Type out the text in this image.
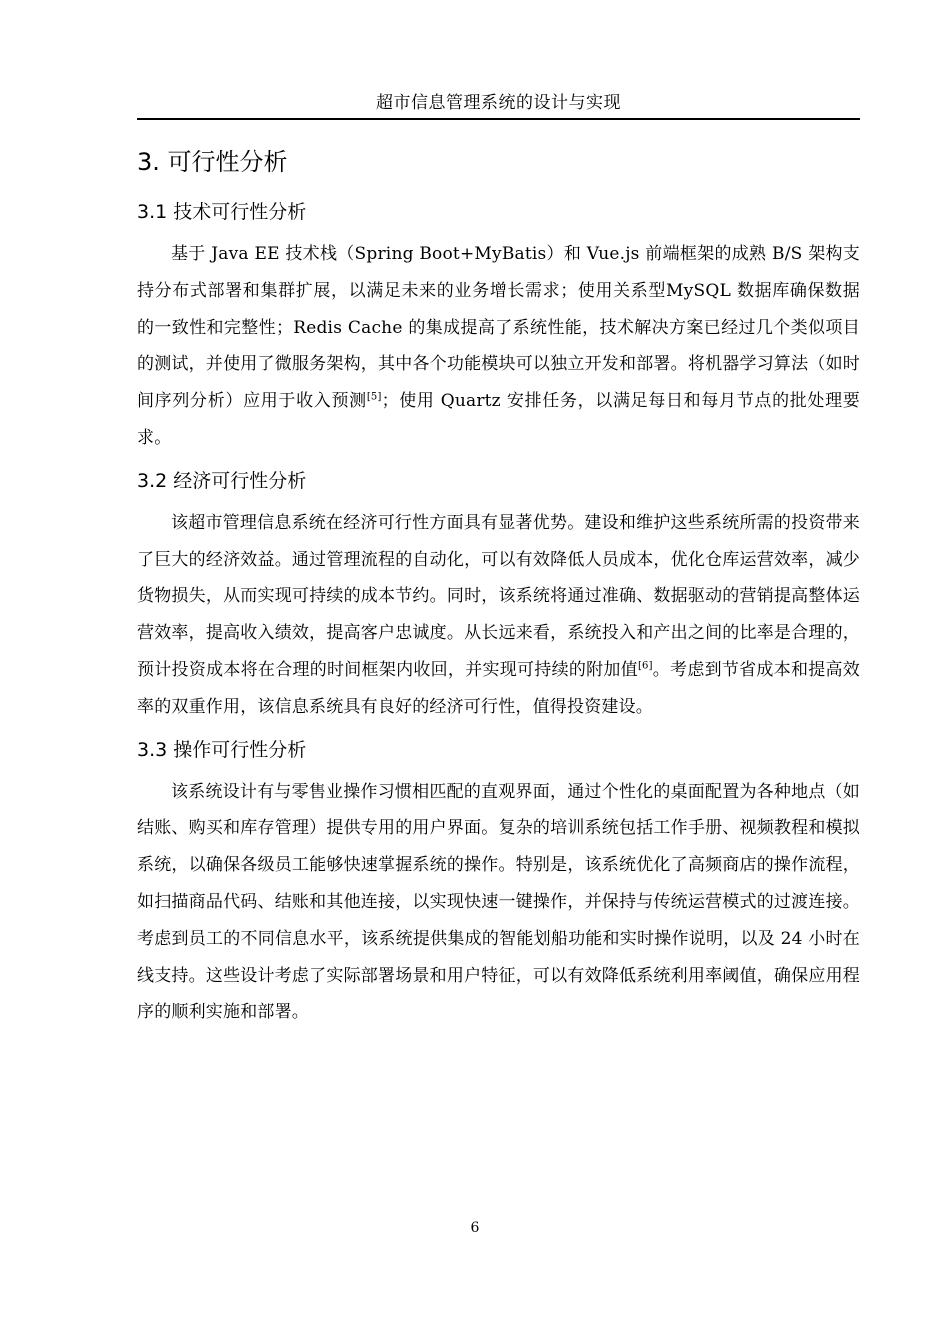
超市信息管理系统的设计与实现
3. 可行性分析
3.1 技术可行性分析

基于 Java EE 技术栈（Spring Boot+MyBatis）和 Vue.js 前端框架的成熟 B/S 架构支持分布式部署和集群扩展，以满足未来的业务增长需求；使用关系型MySQL 数据库确保数据的一致性和完整性；Redis Cache 的集成提高了系统性能，技术解决方案已经过几个类似项目的测试，并使用了微服务架构，其中各个功能模块可以独立开发和部署。将机器学习算法（如时间序列分析）应用于收入预测[5]；使用 Quartz 安排任务，以满足每日和每月节点的批处理要求。

3.2 经济可行性分析

该超市管理信息系统在经济可行性方面具有显著优势。建设和维护这些系统所需的投资带来了巨大的经济效益。通过管理流程的自动化，可以有效降低人员成本，优化仓库运营效率，减少货物损失，从而实现可持续的成本节约。同时，该系统将通过准确、数据驱动的营销提高整体运营效率，提高收入绩效，提高客户忠诚度。从长远来看，系统投入和产出之间的比率是合理的，预计投资成本将在合理的时间框架内收回，并实现可持续的附加值[6]。考虑到节省成本和提高效率的双重作用，该信息系统具有良好的经济可行性，值得投资建设。

3.3 操作可行性分析

该系统设计有与零售业操作习惯相匹配的直观界面，通过个性化的桌面配置为各种地点（如结账、购买和库存管理）提供专用的用户界面。复杂的培训系统包括工作手册、视频教程和模拟系统，以确保各级员工能够快速掌握系统的操作。特别是，该系统优化了高频商店的操作流程，如扫描商品代码、结账和其他连接，以实现快速一键操作，并保持与传统运营模式的过渡连接。考虑到员工的不同信息水平，该系统提供集成的智能划船功能和实时操作说明，以及 24 小时在线支持。这些设计考虑了实际部署场景和用户特征，可以有效降低系统利用率阈值，确保应用程序的顺利实施和部署。

6
